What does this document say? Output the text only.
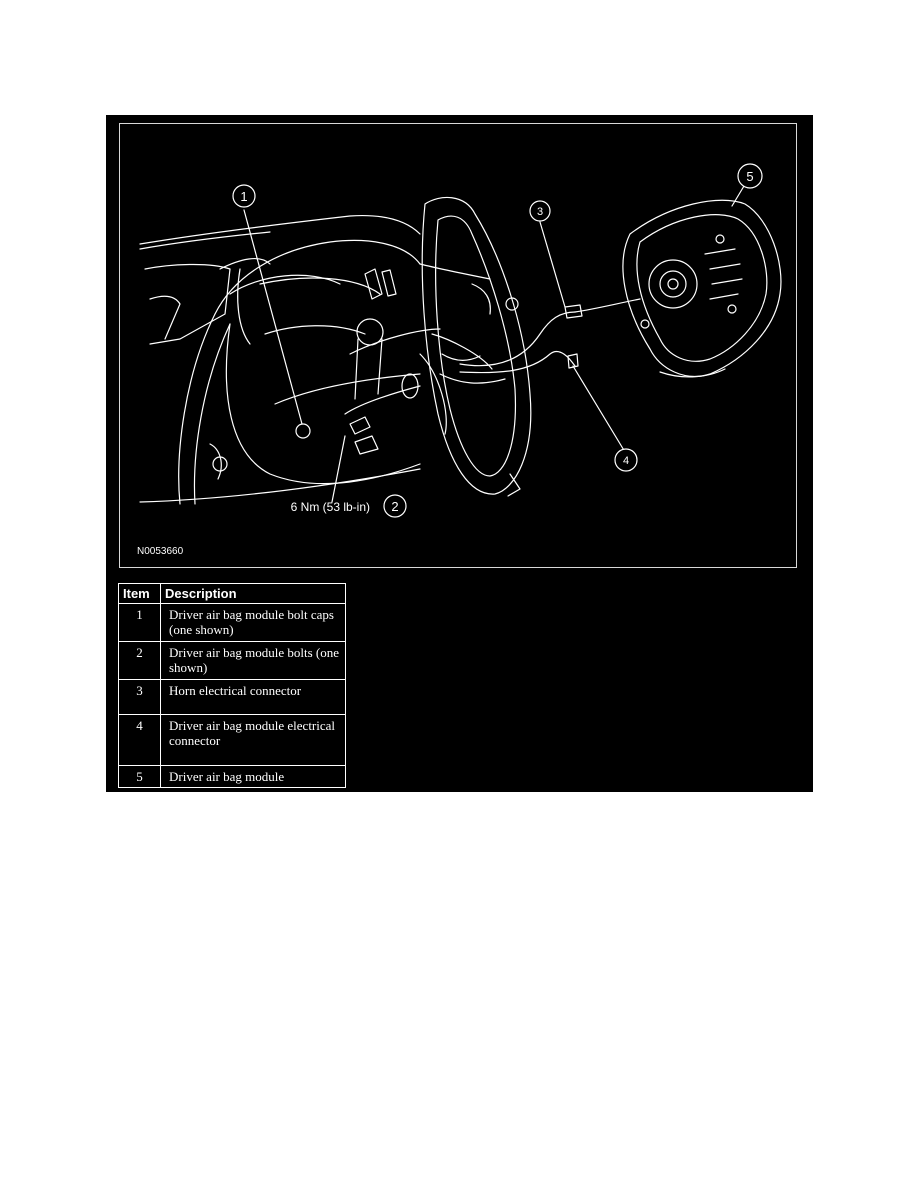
1
2
3
4
5
6 Nm (53 lb-in)
N0053660
Item	Description
1	Driver air bag module bolt caps (one shown)
2	Driver air bag module bolts (one shown)
3	Horn electrical connector
4	Driver air bag module electrical connector
5	Driver air bag module
